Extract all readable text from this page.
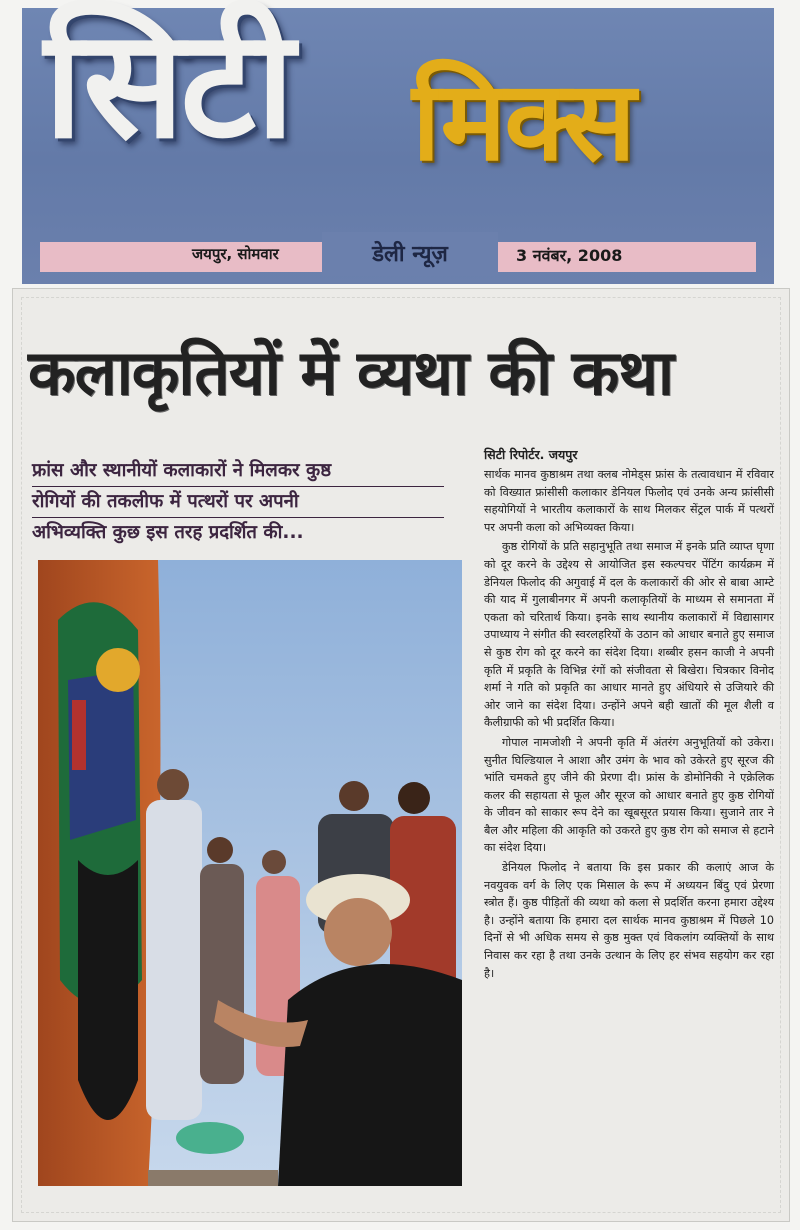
सिटी मिक्स
जयपुर, सोमवार	डेली न्यूज़	3 नवंबर, 2008
कलाकृतियों में व्यथा की कथा
फ्रांस और स्थानीयों कलाकारों ने मिलकर कुष्ठ
रोगियों की तकलीफ में पत्थरों पर अपनी
अभिव्यक्ति कुछ इस तरह प्रदर्शित की...
सिटी रिपोर्टर. जयपुर

सार्थक मानव कुष्ठाश्रम तथा क्लब नोमेड्स फ्रांस के तत्वावधान में रविवार को विख्यात फ्रांसीसी कलाकार डेनियल फिलोद एवं उनके अन्य फ्रांसीसी सहयोगियों ने भारतीय कलाकारों के साथ मिलकर सेंट्रल पार्क में पत्थरों पर अपनी कला को अभिव्यक्त किया।

कुष्ठ रोगियों के प्रति सहानुभूति तथा समाज में इनके प्रति व्याप्त घृणा को दूर करने के उद्देश्य से आयोजित इस स्कल्पचर पेंटिंग कार्यक्रम में डेनियल फिलोद की अगुवाई में दल के कलाकारों की ओर से बाबा आम्टे की याद में गुलाबीनगर में अपनी कलाकृतियों के माध्यम से समानता में एकता को चरितार्थ किया। इनके साथ स्थानीय कलाकारों में विद्यासागर उपाध्याय ने संगीत की स्वरलहरियों के उठान को आधार बनाते हुए समाज से कुष्ठ रोग को दूर करने का संदेश दिया। शब्बीर हसन काजी ने अपनी कृति में प्रकृति के विभिन्न रंगों को संजीवता से बिखेरा। चित्रकार विनोद शर्मा ने गति को प्रकृति का आधार मानते हुए अंधियारे से उजियारे की ओर जाने का संदेश दिया। उन्होंने अपने बही खातों की मूल शैली व कैलीग्राफी को भी प्रदर्शित किया।

गोपाल नामजोशी ने अपनी कृति में अंतरंग अनुभूतियों को उकेरा। सुनीत घिल्डियाल ने आशा और उमंग के भाव को उकेरते हुए सूरज की भांति चमकते हुए जीने की प्रेरणा दी। फ्रांस के डोमोनिकी ने एक्रेलिक कलर की सहायता से फूल और सूरज को आधार बनाते हुए कुष्ठ रोगियों के जीवन को साकार रूप देने का खूबसूरत प्रयास किया। सुजाने तार ने बैल और महिला की आकृति को उकरते हुए कुष्ठ रोग को समाज से हटाने का संदेश दिया।

डेनियल फिलोद ने बताया कि इस प्रकार की कलाएं आज के नवयुवक वर्ग के लिए एक मिसाल के रूप में अध्ययन बिंदु एवं प्रेरणा स्त्रोत हैं। कुष्ठ पीड़ितों की व्यथा को कला से प्रदर्शित करना हमारा उद्देश्य है। उन्होंने बताया कि हमारा दल सार्थक मानव कुष्ठाश्रम में पिछले 10 दिनों से भी अधिक समय से कुष्ठ मुक्त एवं विकलांग व्यक्तियों के साथ निवास कर रहा है तथा उनके उत्थान के लिए हर संभव सहयोग कर रहा है।
